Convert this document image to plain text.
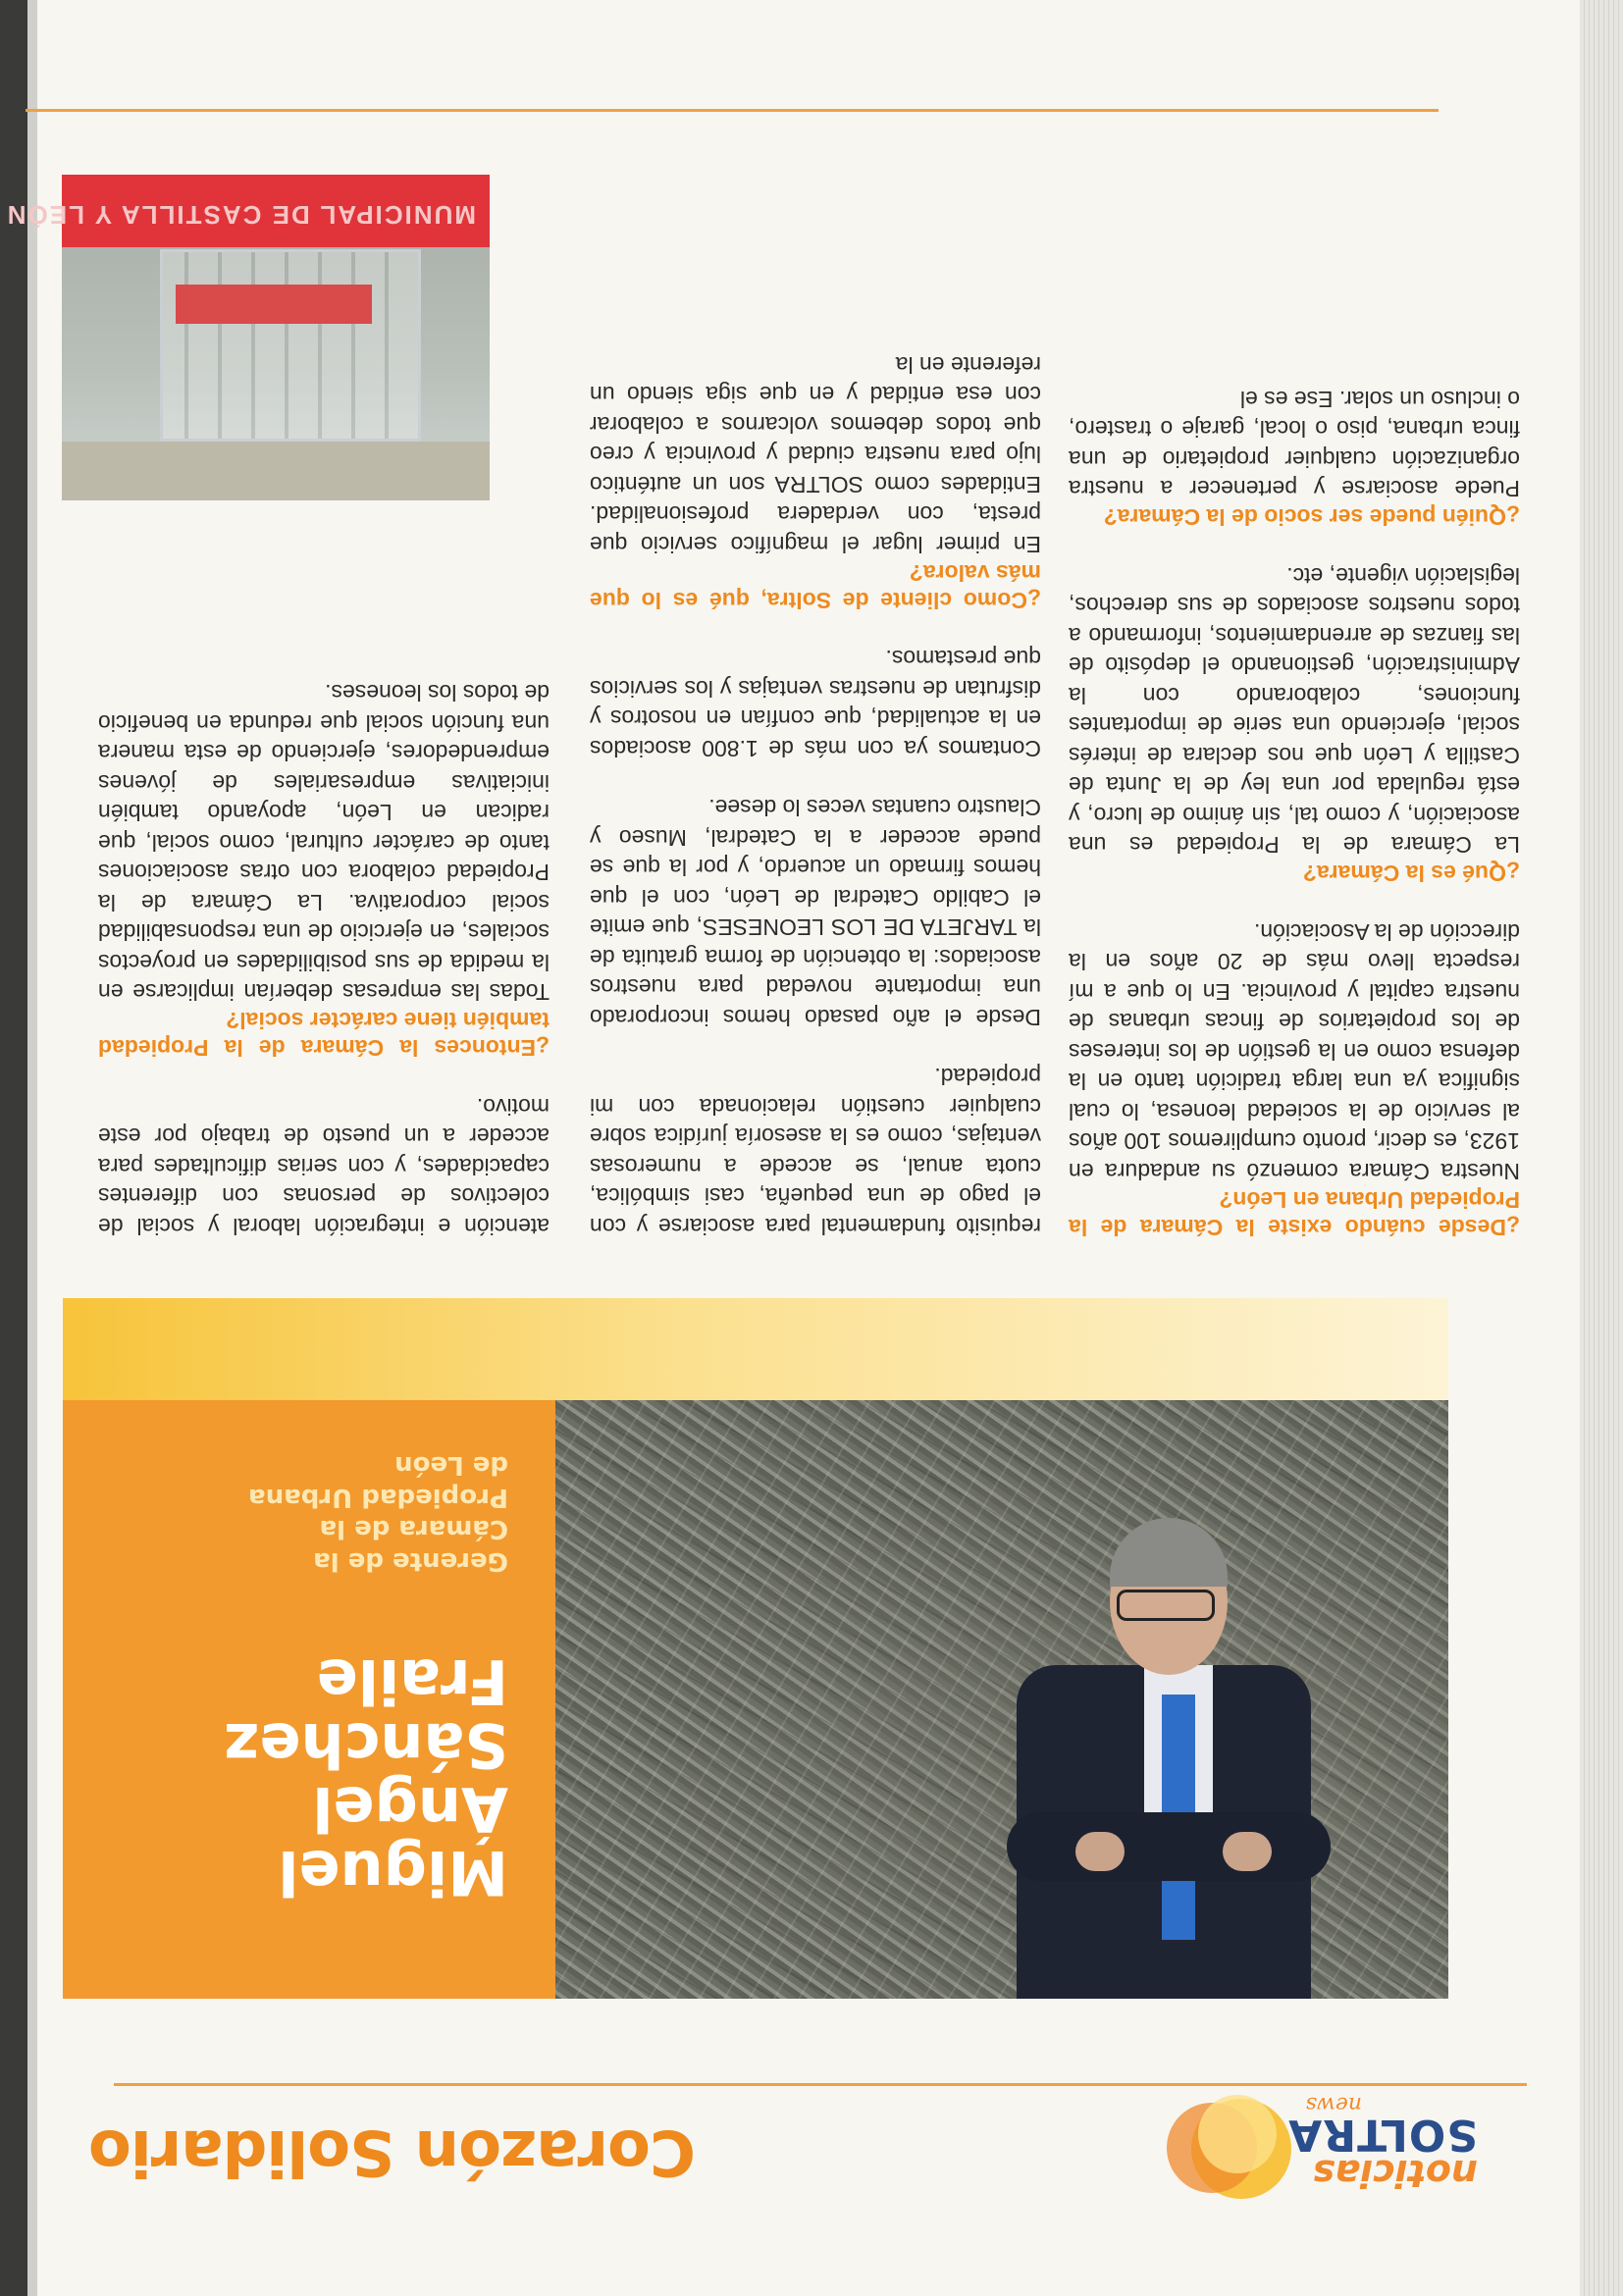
noticias
SOLTRA
news
Corazón Solidario
Miguel
Ángel
Sánchez
Fraile
Gerente de la
Cámara de la
Propiedad Urbana
de León
¿Desde cuándo existe la Cámara de la Propiedad Urbana en León?

Nuestra Cámara comenzó su andadura en 1923, es decir, pronto cumpliremos 100 años al servicio de la sociedad leonesa, lo cual significa ya una larga tradición tanto en la defensa como en la gestión de los intereses de los propietarios de fincas urbanas de nuestra capital y provincia. En lo que a mí respecta llevo más de 20 años en la dirección de la Asociación.

¿Qué es la Cámara?

La Cámara de la Propiedad es una asociación, y como tal, sin ánimo de lucro, y está regulada por una ley de la Junta de Castilla y León que nos declara de interés social, ejerciendo una serie de importantes funciones, colaborando con la Administración, gestionando el depósito de las fianzas de arrendamientos, informando a todos nuestros asociados de sus derechos, legislación vigente, etc.

¿Quién puede ser socio de la Cámara?

Puede asociarse y pertenecer a nuestra organización cualquier propietario de una finca urbana, piso o local, garaje o trastero, o incluso un solar. Ese es el

requisito fundamental para asociarse y con el pago de una pequeña, casi simbólica, cuota anual, se accede a numerosas ventajas, como es la asesoría jurídica sobre cualquier cuestión relacionada con mi propiedad.

Desde el año pasado hemos incorporado una importante novedad para nuestros asociados: la obtención de forma gratuita de la TARJETA DE LOS LEONESES, que emite el Cabildo Catedral de León, con el que hemos firmado un acuerdo, y por la que se puede acceder a la Catedral, Museo y Claustro cuantas veces lo desee.

Contamos ya con más de 1.800 asociados en la actualidad, que confían en nosotros y disfrutan de nuestras ventajas y los servicios que prestamos.

¿Como cliente de Soltra, qué es lo que más valora?

En primer lugar el magnífico servicio que presta, con verdadera profesionalidad. Entidades como SOLTRA son un auténtico lujo para nuestra ciudad y provincia y creo que todos debemos volcarnos a colaborar con esa entidad y en que siga siendo un referente en la

atención e integración laboral y social de colectivos de personas con diferentes capacidades, y con serias dificultades para acceder a un puesto de trabajo por este motivo.

¿Entonces la Cámara de la Propiedad también tiene carácter social?

Todas las empresas deberían implicarse en la medida de sus posibilidades en proyectos sociales, en ejercicio de una responsabilidad social corporativa. La Cámara de la Propiedad colabora con otras asociaciones tanto de carácter cultural, como social, que radican en León, apoyando también iniciativas empresariales de jóvenes emprendedores, ejerciendo de esta manera una función social que redunda en beneficio de todos los leoneses.

MUNICIPAL DE CASTILLA Y LEÓN
